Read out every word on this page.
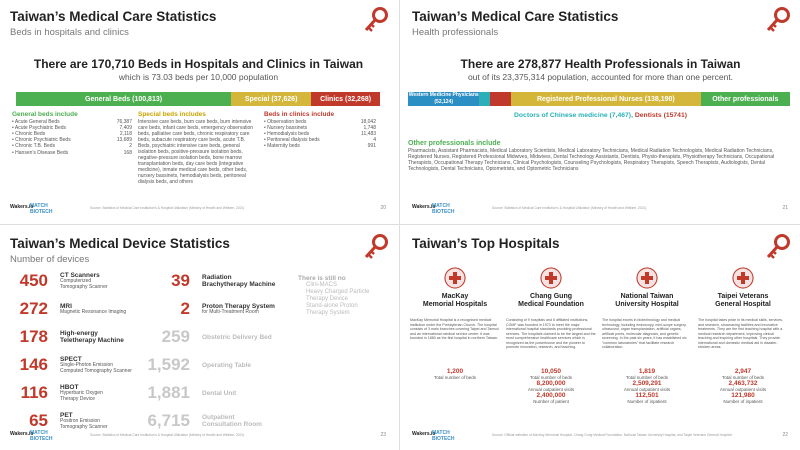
Taiwan’s Medical Care Statistics
Beds in hospitals and clinics
There are 170,710 Beds in Hospitals and Clinics in Taiwan
which is 73.03 beds per 10,000 population
General Beds (100,813)	Special (37,626)	Clinics (32,268)
General beds include
• Acute General Beds	76,387
• Acute Psychiatric Beds	7,409
• Chronic Beds	2,118
• Chronic Psychiatric Beds	13,689
• Chronic T.B. Beds	2
• Hansen’s Disease Beds	168
Special beds includes
Intensive care beds, burn care beds, burn intensive care beds, infant care beds, emergency observation beds, palliative care beds, chronic respiratory care beds, subacute respiratory care beds, acute T.B. Beds, psychiatric intensive care beds, general isolation beds, positive-pressure isolation beds, negative-pressure isolation beds, bone marrow transplantation beds, day care beds (integrative medicine), inmate medical care beds, other beds, nursery bassinets, hemodialysis beds, peritoneal dialysis beds, and others
Beds in clinics include
• Observation beds	18,042
• Nursery bassinets	1,748
• Hemodialysis beds	11,483
• Peritoneal dialysis beds	4
• Maternity beds	991
Wakers.io
MATCH
BIOTECH
Source: Statistics of Medical Care Institution’s & Hospital Utilization (Ministry of Health and Welfare, 2021)	20
Taiwan’s Medical Care Statistics
Health professionals
There are 278,877 Health Professionals in Taiwan
out of its 23,375,314 population, accounted for more than one percent.
Western Medicine Physicians (52,124)	Registered Professional Nurses (138,190)	Other professionals
Doctors of Chinese medicine (7,467), Dentists (15741)
Other professionals include
Pharmacists, Assistant Pharmacists, Medical Laboratory Scientists, Medical Laboratory Technicians, Medical Radiation Technologists, Medical Radiation Technicians, Registered Nurses, Registered Professional Midwives, Midwives, Dental Technology Assistants, Dentists, Physio-therapists, Physiotherapy Technicians, Occupational Therapists, Occupational Therapy Technicians, Clinical Psychologists, Counseling Psychologists, Respiratory Therapists, Speech Therapists, Audiologists, Dental Technologists, Dental Technicians, Optometrists, and Optometric Technicians
Wakers.io
MATCH
BIOTECH
Source: Statistics of Medical Care Institution’s & Hospital Utilization (Ministry of Health and Welfare, 2021)	21
Taiwan’s Medical Device Statistics
Number of devices
450 CT Scanners
Computerized
Tomography Scanner
272 MRI
Magnetic Resonance Imaging
178 High-energy
Teletherapy Machine
146 SPECT
Single-Photon Emission
Computed Tomography Scanner
116 HBOT
Hyperbaric Oxygen
Therapy Device
65 PET
Positron Emission
Tomography Scanner
39 Radiation
Brachytherapy Machine
2 Proton Therapy System
for Multi-Treatment Room
259 Obstetric Delivery Bed
1,592 Operating Table
1,881 Dental Unit
6,715 Outpatient
Consultation Room
There is still no
Clini-MACS
Heavy Charged Particle
Therapy Device
Stand-alone Proton
Therapy System
Wakers.io
MATCH
BIOTECH
Source: Statistics of Medical Care Institution’s & Hospital Utilization (Ministry of Health and Welfare, 2021)	23
Taiwan’s Top Hospitals
MacKay
Memorial Hospitals
MacKay Memorial Hospital is a recognised medical institution under the Presbyterian Church. The hospital consists of 3 main branches covering Taipei and Tamsui and an international medical service center. It was founded in 1880 as the first hospital in northern Taiwan.
1,200
Total number of beds
Chang Gung
Medical Foundation
Consisting of 9 hospitals and 6 affiliated institutions, CGMF was founded in 1973 to meet the major international hospital standards providing professional services. The hospitals claimed to be the largest and the most comprehensive healthcare services which is recognized as the powerhouse and the pioneer to promote innovation, research, and teaching.
10,050
Total number of beds
8,200,000
Annual outpatient visits
2,400,000
Number of patient
National Taiwan
University Hospital
The hospital excels in biotechnology and medical technology, including endoscopy, mini-scope surgery, ultrasound, organ transplantation, artificial organs, artificial pores, molecular diagnosis, and genetic screening. In the past six years, it has established six "common laboratories" that facilitate research collaboration.
1,819
Total number of beds
2,509,291
Annual outpatient visits
112,501
Number of inpatient
Taipei Veterans
General Hospital
The hospital takes pride in its medical skills, services, and research, showcasing facilities and innovative treatments. They are the first teaching hospital with a medical research department, improving clinical teaching and inspiring other hospitals. They provide international and domestic medical aid in disaster-stricken areas.
2,947
Total number of beds
2,463,732
Annual outpatient visits
121,980
Number of inpatient
Wakers.io
MATCH
BIOTECH
Source: Official websites of MacKay Memorial Hospital, Chang Gung Medical Foundation, National Taiwan University Hospital, and Taipei Veterans General Hospital	22
